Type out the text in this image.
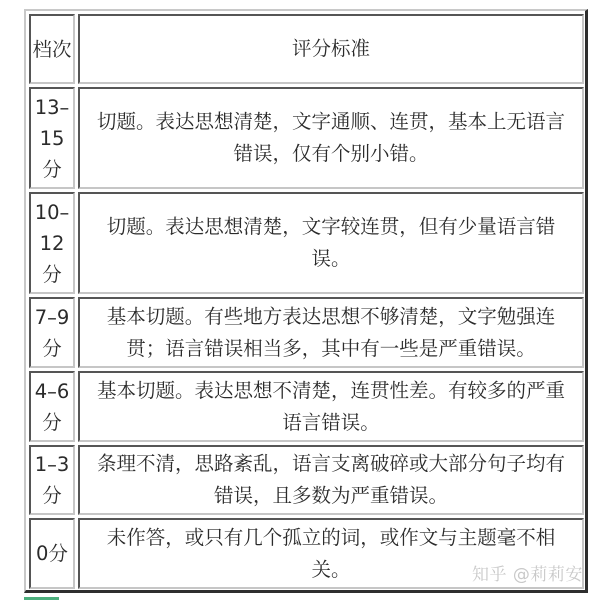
档次	评分标准
13–15分
切题。表达思想清楚，文字通顺、连贯，基本上无语言错误，仅有个别小错。
10–12分
切题。表达思想清楚，文字较连贯，但有少量语言错误。
7–9分
基本切题。有些地方表达思想不够清楚，文字勉强连贯；语言错误相当多，其中有一些是严重错误。
4–6分
基本切题。表达思想不清楚，连贯性差。有较多的严重语言错误。
1–3分
条理不清，思路紊乱，语言支离破碎或大部分句子均有错误，且多数为严重错误。
0分
未作答，或只有几个孤立的词，或作文与主题毫不相关。	知乎 @莉莉安
